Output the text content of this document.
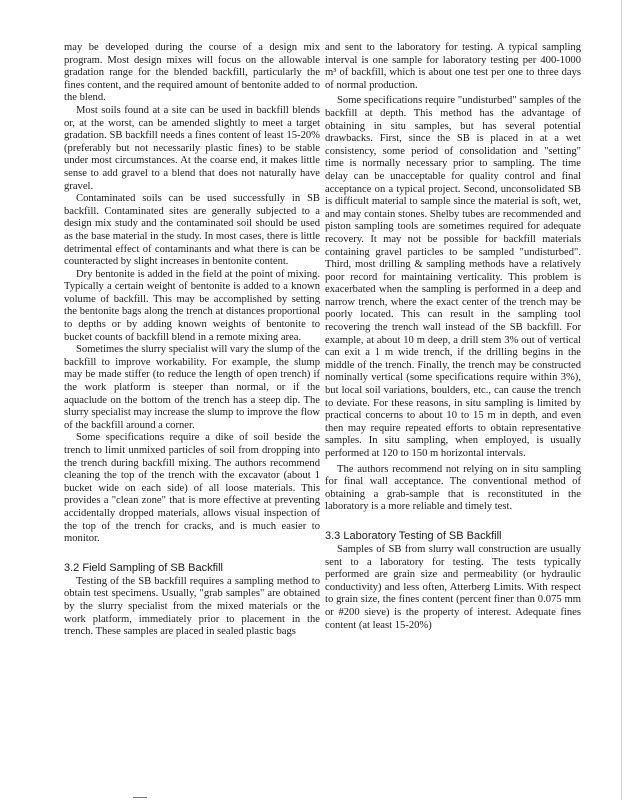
may be developed during the course of a design mix program. Most design mixes will focus on the allowable gradation range for the blended backfill, particularly the fines content, and the required amount of bentonite added to the blend.

Most soils found at a site can be used in backfill blends or, at the worst, can be amended slightly to meet a target gradation. SB backfill needs a fines content of least 15-20% (preferably but not necessarily plastic fines) to be stable under most circumstances. At the coarse end, it makes little sense to add gravel to a blend that does not naturally have gravel.

Contaminated soils can be used successfully in SB backfill. Contaminated sites are generally subjected to a design mix study and the contaminated soil should be used as the base material in the study. In most cases, there is little detrimental effect of contaminants and what there is can be counteracted by slight increases in bentonite content.

Dry bentonite is added in the field at the point of mixing. Typically a certain weight of bentonite is added to a known volume of backfill. This may be accomplished by setting the bentonite bags along the trench at distances proportional to depths or by adding known weights of bentonite to bucket counts of backfill blend in a remote mixing area.

Sometimes the slurry specialist will vary the slump of the backfill to improve workability. For example, the slump may be made stiffer (to reduce the length of open trench) if the work platform is steeper than normal, or if the aquaclude on the bottom of the trench has a steep dip. The slurry specialist may increase the slump to improve the flow of the backfill around a corner.

Some specifications require a dike of soil beside the trench to limit unmixed particles of soil from dropping into the trench during backfill mixing. The authors recommend cleaning the top of the trench with the excavator (about 1 bucket wide on each side) of all loose materials. This provides a "clean zone" that is more effective at preventing accidentally dropped materials, allows visual inspection of the top of the trench for cracks, and is much easier to monitor.

3.2 Field Sampling of SB Backfill

Testing of the SB backfill requires a sampling method to obtain test specimens. Usually, "grab samples" are obtained by the slurry specialist from the mixed materials or the work platform, immediately prior to placement in the trench. These samples are placed in sealed plastic bags

and sent to the laboratory for testing. A typical sampling interval is one sample for laboratory testing per 400-1000 m³ of backfill, which is about one test per one to three days of normal production.

Some specifications require "undisturbed" samples of the backfill at depth. This method has the advantage of obtaining in situ samples, but has several potential drawbacks. First, since the SB is placed in at a wet consistency, some period of consolidation and "setting" time is normally necessary prior to sampling. The time delay can be unacceptable for quality control and final acceptance on a typical project. Second, unconsolidated SB is difficult material to sample since the material is soft, wet, and may contain stones. Shelby tubes are recommended and piston sampling tools are sometimes required for adequate recovery. It may not be possible for backfill materials containing gravel particles to be sampled "undisturbed". Third, most drilling & sampling methods have a relatively poor record for maintaining verticality. This problem is exacerbated when the sampling is performed in a deep and narrow trench, where the exact center of the trench may be poorly located. This can result in the sampling tool recovering the trench wall instead of the SB backfill. For example, at about 10 m deep, a drill stem 3% out of vertical can exit a 1 m wide trench, if the drilling begins in the middle of the trench. Finally, the trench may be constructed nominally vertical (some specifications require within 3%), but local soil variations, boulders, etc., can cause the trench to deviate. For these reasons, in situ sampling is limited by practical concerns to about 10 to 15 m in depth, and even then may require repeated efforts to obtain representative samples. In situ sampling, when employed, is usually performed at 120 to 150 m horizontal intervals.

The authors recommend not relying on in situ sampling for final wall acceptance. The conventional method of obtaining a grab-sample that is reconstituted in the laboratory is a more reliable and timely test.

3.3 Laboratory Testing of SB Backfill

Samples of SB from slurry wall construction are usually sent to a laboratory for testing. The tests typically performed are grain size and permeability (or hydraulic conductivity) and less often, Atterberg Limits. With respect to grain size, the fines content (percent finer than 0.075 mm or #200 sieve) is the property of interest. Adequate fines content (at least 15-20%)
